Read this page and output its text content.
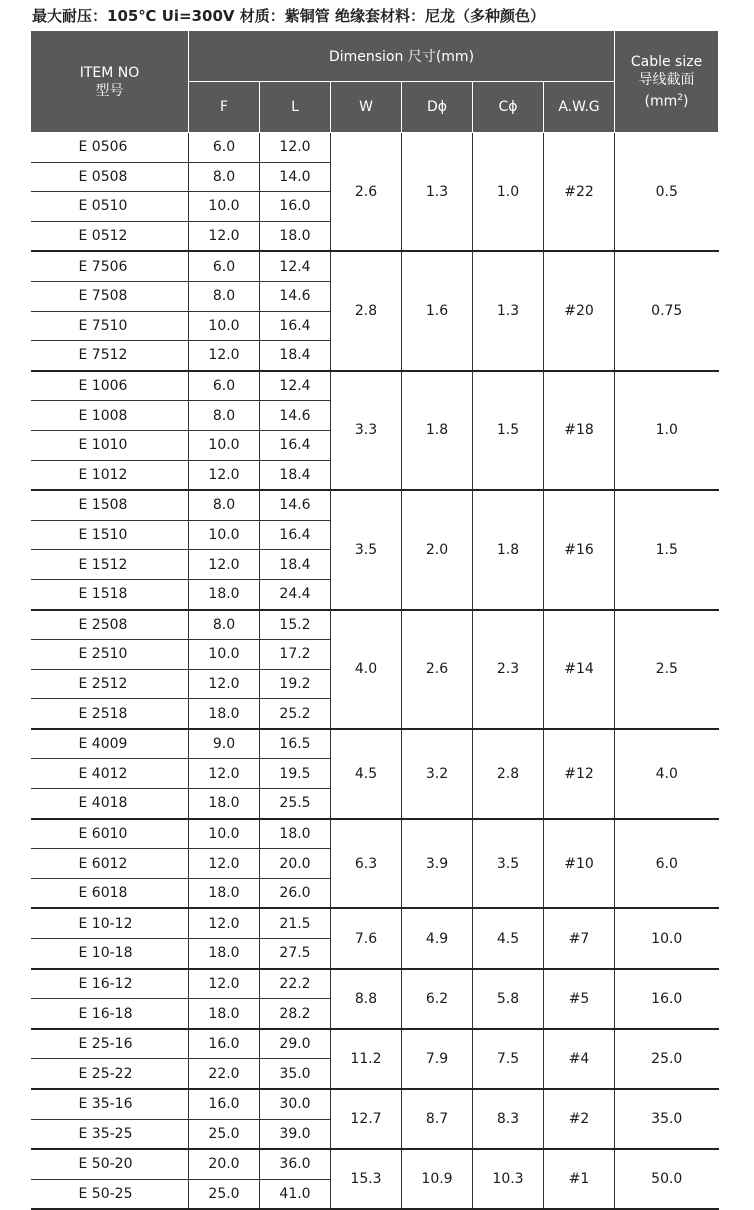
最大耐压：105℃ Ui=300V 材质：紫铜管 绝缘套材料：尼龙（多种颜色）
ITEM NO
型号	Dimension 尺寸(mm)						Cable size
导线截面
$(mm^2)$

	F	L	W	Dϕ	Cϕ	A.W.G	
E 0506	6.0	12.0	2.6	1.3	1.0	#22	0.5
E 0508	8.0	14.0					
E 0510	10.0	16.0					
E 0512	12.0	18.0					
E 7506	6.0	12.4	2.8	1.6	1.3	#20	0.75
E 7508	8.0	14.6					
E 7510	10.0	16.4					
E 7512	12.0	18.4					
E 1006	6.0	12.4	3.3	1.8	1.5	#18	1.0
E 1008	8.0	14.6					
E 1010	10.0	16.4					
E 1012	12.0	18.4					
E 1508	8.0	14.6	3.5	2.0	1.8	#16	1.5
E 1510	10.0	16.4					
E 1512	12.0	18.4					
E 1518	18.0	24.4					
E 2508	8.0	15.2	4.0	2.6	2.3	#14	2.5
E 2510	10.0	17.2					
E 2512	12.0	19.2					
E 2518	18.0	25.2					
E 4009	9.0	16.5	4.5	3.2	2.8	#12	4.0
E 4012	12.0	19.5					
E 4018	18.0	25.5					
E 6010	10.0	18.0	6.3	3.9	3.5	#10	6.0
E 6012	12.0	20.0					
E 6018	18.0	26.0					
E 10-12	12.0	21.5	7.6	4.9	4.5	#7	10.0
E 10-18	18.0	27.5					
E 16-12	12.0	22.2	8.8	6.2	5.8	#5	16.0
E 16-18	18.0	28.2					
E 25-16	16.0	29.0	11.2	7.9	7.5	#4	25.0
E 25-22	22.0	35.0					
E 35-16	16.0	30.0	12.7	8.7	8.3	#2	35.0
E 35-25	25.0	39.0					
E 50-20	20.0	36.0	15.3	10.9	10.3	#1	50.0
E 50-25	25.0	41.0					
